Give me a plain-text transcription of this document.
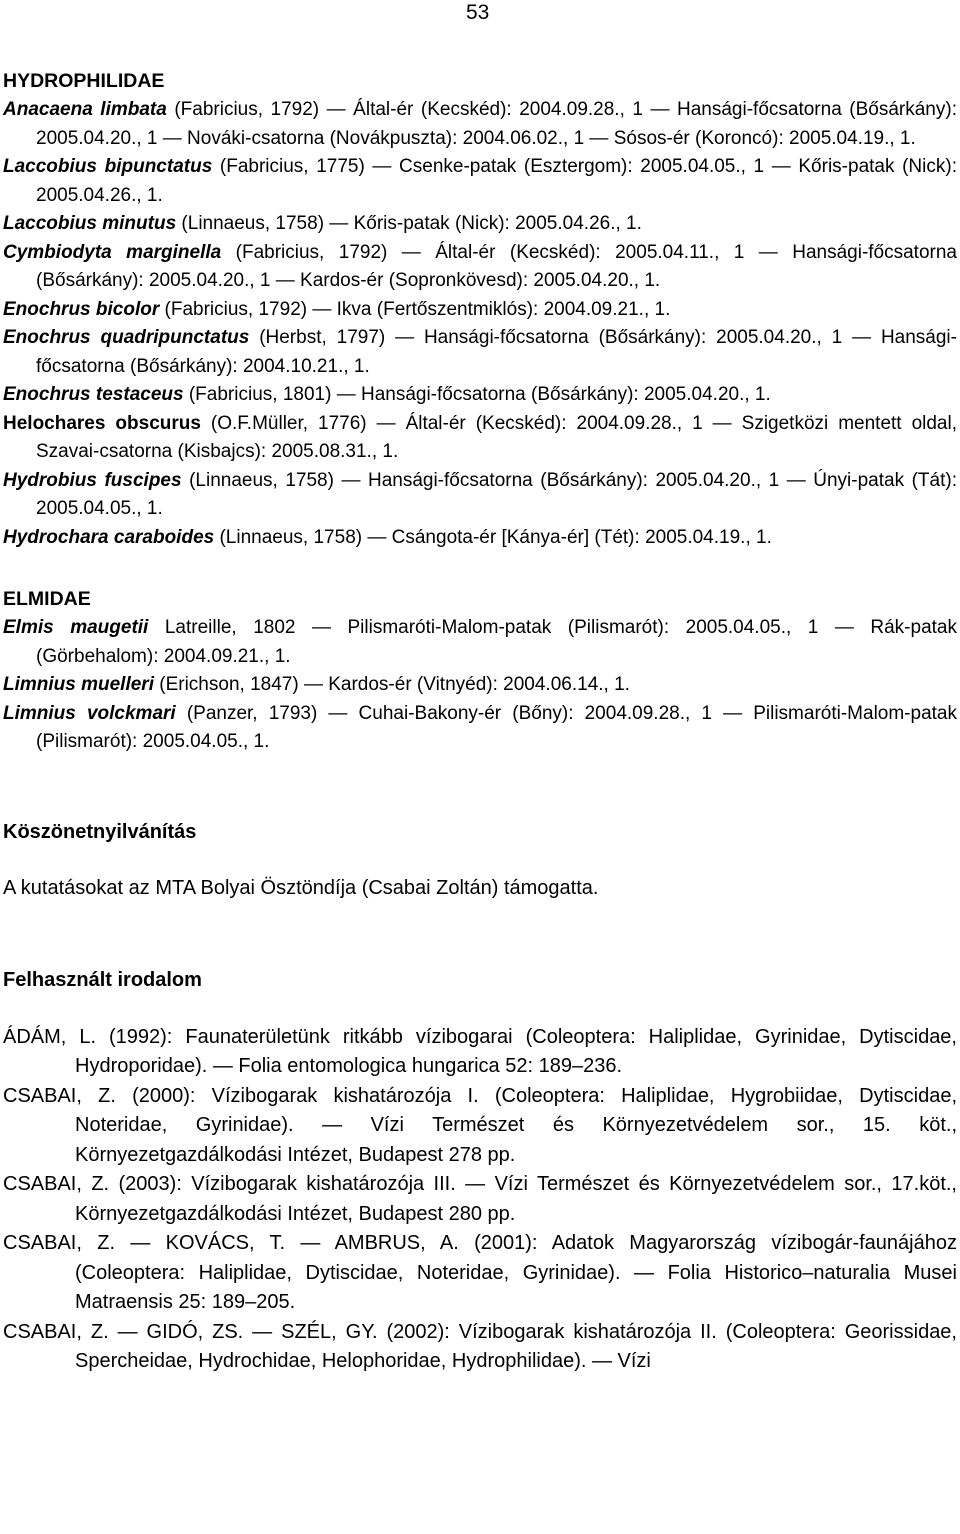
53
HYDROPHILIDAE

Anacaena limbata (Fabricius, 1792) — Által-ér (Kecskéd): 2004.09.28., 1 — Hansági-főcsatorna (Bősárkány): 2005.04.20., 1 — Nováki-csatorna (Novákpuszta): 2004.06.02., 1 — Sósos-ér (Koroncó): 2005.04.19., 1.

Laccobius bipunctatus (Fabricius, 1775) — Csenke-patak (Esztergom): 2005.04.05., 1 — Kőris-patak (Nick): 2005.04.26., 1.

Laccobius minutus (Linnaeus, 1758) — Kőris-patak (Nick): 2005.04.26., 1.

Cymbiodyta marginella (Fabricius, 1792) — Által-ér (Kecskéd): 2005.04.11., 1 — Hansági-főcsatorna (Bősárkány): 2005.04.20., 1 — Kardos-ér (Sopronkövesd): 2005.04.20., 1.

Enochrus bicolor (Fabricius, 1792) — Ikva (Fertőszentmiklós): 2004.09.21., 1.

Enochrus quadripunctatus (Herbst, 1797) — Hansági-főcsatorna (Bősárkány): 2005.04.20., 1 — Hansági-főcsatorna (Bősárkány): 2004.10.21., 1.

Enochrus testaceus (Fabricius, 1801) — Hansági-főcsatorna (Bősárkány): 2005.04.20., 1.

Helochares obscurus (O.F.Müller, 1776) — Által-ér (Kecskéd): 2004.09.28., 1 — Szigetközi mentett oldal, Szavai-csatorna (Kisbajcs): 2005.08.31., 1.

Hydrobius fuscipes (Linnaeus, 1758) — Hansági-főcsatorna (Bősárkány): 2005.04.20., 1 — Únyi-patak (Tát): 2005.04.05., 1.

Hydrochara caraboides (Linnaeus, 1758) — Csángota-ér [Kánya-ér] (Tét): 2005.04.19., 1.

ELMIDAE

Elmis maugetii Latreille, 1802 — Pilismaróti-Malom-patak (Pilismarót): 2005.04.05., 1 — Rák-patak (Görbehalom): 2004.09.21., 1.

Limnius muelleri (Erichson, 1847) — Kardos-ér (Vitnyéd): 2004.06.14., 1.

Limnius volckmari (Panzer, 1793) — Cuhai-Bakony-ér (Bőny): 2004.09.28., 1 — Pilismaróti-Malom-patak (Pilismarót): 2005.04.05., 1.

Köszönetnyilvánítás

A kutatásokat az MTA Bolyai Ösztöndíja (Csabai Zoltán) támogatta.

Felhasznált irodalom

ÁDÁM, L. (1992): Faunaterületünk ritkább vízibogarai (Coleoptera: Haliplidae, Gyrinidae, Dytiscidae, Hydroporidae). — Folia entomologica hungarica 52: 189–236.

CSABAI, Z. (2000): Vízibogarak kishatározója I. (Coleoptera: Haliplidae, Hygrobiidae, Dytiscidae, Noteridae, Gyrinidae). — Vízi Természet és Környezetvédelem sor., 15. köt., Környezetgazdálkodási Intézet, Budapest 278 pp.

CSABAI, Z. (2003): Vízibogarak kishatározója III. — Vízi Természet és Környezetvédelem sor., 17.köt., Környezetgazdálkodási Intézet, Budapest 280 pp.

CSABAI, Z. — KOVÁCS, T. — AMBRUS, A. (2001): Adatok Magyarország vízibogár-faunájához (Coleoptera: Haliplidae, Dytiscidae, Noteridae, Gyrinidae). — Folia Historico–naturalia Musei Matraensis 25: 189–205.

CSABAI, Z. — GIDÓ, ZS. — SZÉL, GY. (2002): Vízibogarak kishatározója II. (Coleoptera: Georissidae, Spercheidae, Hydrochidae, Helophoridae, Hydrophilidae). — Vízi
